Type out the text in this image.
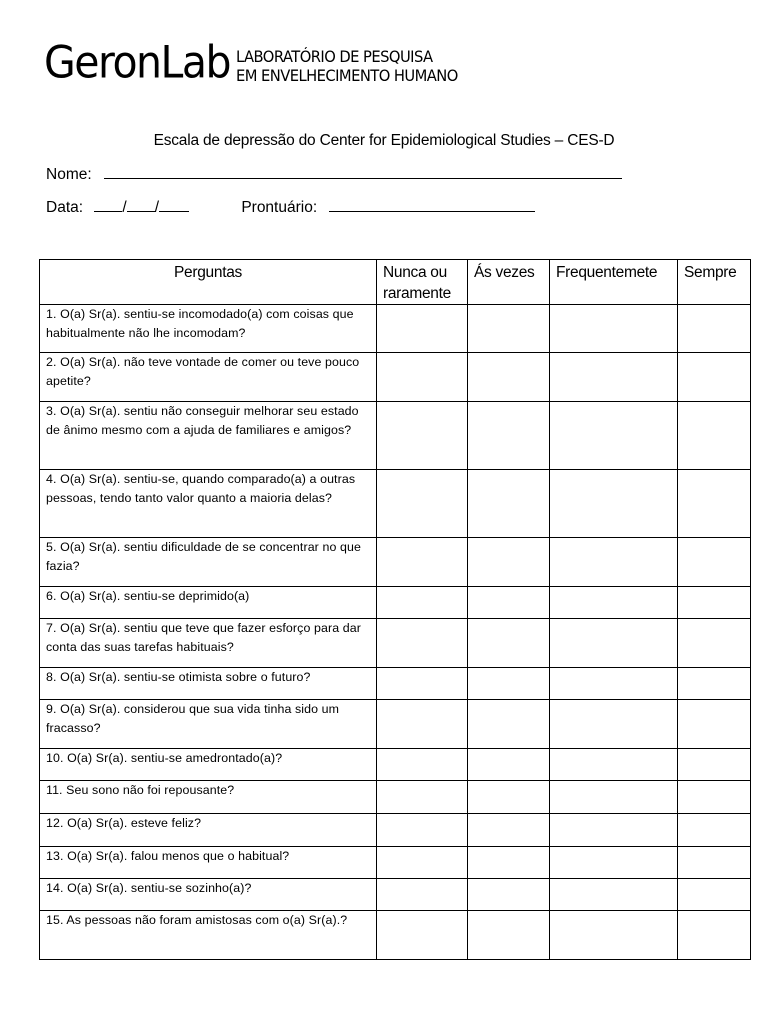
GeronLab LABORATÓRIO DE PESQUISA
EM ENVELHECIMENTO HUMANO
Escala de depressão do Center for Epidemiological Studies – CES-D
Nome:
Data:	/ /	Prontuário:
Perguntas	Nunca ou raramente	Ás vezes	Frequentemete	Sempre
1. O(a) Sr(a). sentiu-se incomodado(a) com coisas que habitualmente não lhe incomodam?				
2. O(a) Sr(a). não teve vontade de comer ou teve pouco apetite?				
3. O(a) Sr(a). sentiu não conseguir melhorar seu estado de ânimo mesmo com a ajuda de familiares e amigos?				
4. O(a) Sr(a). sentiu-se, quando comparado(a) a outras pessoas, tendo tanto valor quanto a maioria delas?				
5. O(a) Sr(a). sentiu dificuldade de se concentrar no que fazia?				
6. O(a) Sr(a). sentiu-se deprimido(a)				
7. O(a) Sr(a). sentiu que teve que fazer esforço para dar conta das suas tarefas habituais?				
8. O(a) Sr(a). sentiu-se otimista sobre o futuro?				
9. O(a) Sr(a). considerou que sua vida tinha sido um fracasso?				
10. O(a) Sr(a). sentiu-se amedrontado(a)?				
11. Seu sono não foi repousante?				
12. O(a) Sr(a). esteve feliz?				
13. O(a) Sr(a). falou menos que o habitual?				
14. O(a) Sr(a). sentiu-se sozinho(a)?				
15. As pessoas não foram amistosas com o(a) Sr(a).?				
